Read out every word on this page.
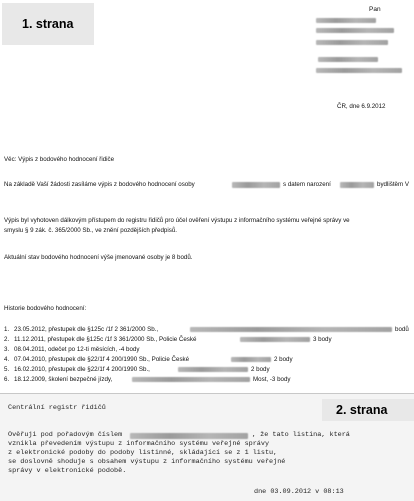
1. strana
Pan
ČR, dne 6.9.2012
Věc: Výpis z bodového hodnocení řidiče
Na základě Vaší žádosti zasíláme výpis z bodového hodnocení osoby	s datem narození	bydlištěm V
Výpis byl vyhotoven dálkovým přístupem do registru řidičů pro účel ověření výstupu z informačního systému veřejné správy ve
smyslu § 9 zák. č. 365/2000 Sb., ve znění pozdějších předpisů.
Aktuální stav bodového hodnocení výše jmenované osoby je 8 bodů.
Historie bodového hodnocení:
1. 23.05.2012, přestupek dle §125c /1f 2 361/2000 Sb.,	bodů
2. 11.12.2011, přestupek dle §125c /1f 3 361/2000 Sb., Policie České	3 body
3. 08.04.2011, odečet po 12-ti měsících, -4 body
4. 07.04.2010, přestupek dle §22/1f 4 200/1990 Sb., Policie České	2 body
5. 16.02.2010, přestupek dle §22/1f 4 200/1990 Sb.,	2 body
6. 18.12.2009, školení bezpečné jízdy,	Most, -3 body
2. strana
Centrální registr řidičů
Ověřuji pod pořadovým číslem	, že tato listina, která
vznikla převedením výstupu z informačního systému veřejné správy
z elektronické podoby do podoby listinné, skládající se z 1 listu,
se doslovně shoduje s obsahem výstupu z informačního systému veřejné
správy v elektronické podobě.
dne 03.09.2012 v 08:13
